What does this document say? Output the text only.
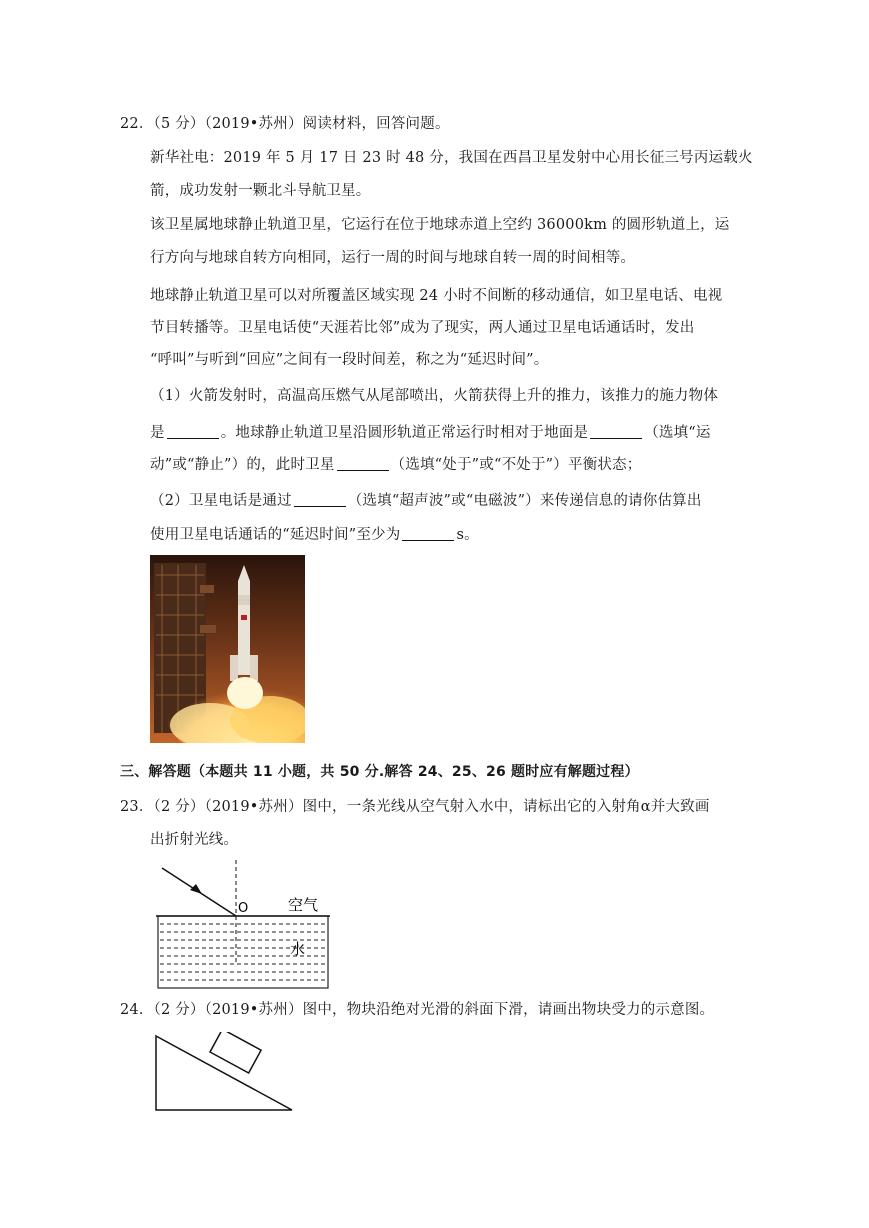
22．（5 分）（2019•苏州）阅读材料，回答问题。
新华社电：2019 年 5 月 17 日 23 时 48 分，我国在西昌卫星发射中心用长征三号丙运载火
箭，成功发射一颗北斗导航卫星。
该卫星属地球静止轨道卫星，它运行在位于地球赤道上空约 36000km 的圆形轨道上，运
行方向与地球自转方向相同，运行一周的时间与地球自转一周的时间相等。
地球静止轨道卫星可以对所覆盖区域实现 24 小时不间断的移动通信，如卫星电话、电视
节目转播等。卫星电话使“天涯若比邻”成为了现实，两人通过卫星电话通话时，发出
“呼叫”与听到“回应”之间有一段时间差，称之为“延迟时间”。
（1）火箭发射时，高温高压燃气从尾部喷出，火箭获得上升的推力，该推力的施力物体
是	。地球静止轨道卫星沿圆形轨道正常运行时相对于地面是	（选填“运
动”或“静止”）的，此时卫星	（选填“处于”或“不处于”）平衡状态；
（2）卫星电话是通过	（选填“超声波”或“电磁波”）来传递信息的请你估算出
使用卫星电话通话的“延迟时间”至少为	s。
三、解答题（本题共 11 小题，共 50 分.解答 24、25、26 题时应有解题过程）
23．（2 分）（2019•苏州）图中，一条光线从空气射入水中，请标出它的入射角α并大致画
出折射光线。
O	空气
水
24．（2 分）（2019•苏州）图中，物块沿绝对光滑的斜面下滑，请画出物块受力的示意图。
